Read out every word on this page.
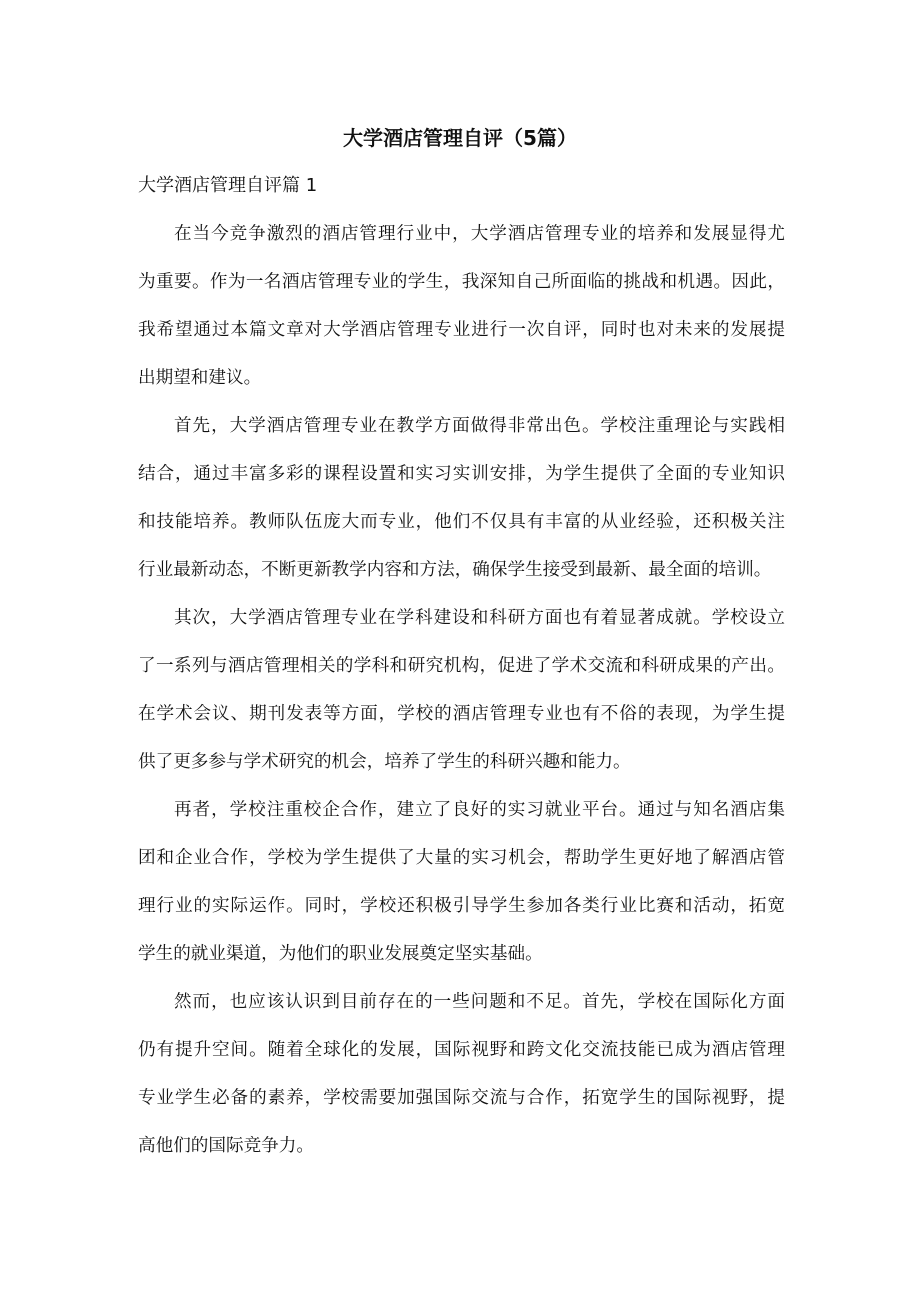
大学酒店管理自评（5篇）
大学酒店管理自评篇 1
在当今竞争激烈的酒店管理行业中，大学酒店管理专业的培养和发展显得尤
为重要。作为一名酒店管理专业的学生，我深知自己所面临的挑战和机遇。因此，
我希望通过本篇文章对大学酒店管理专业进行一次自评，同时也对未来的发展提
出期望和建议。
首先，大学酒店管理专业在教学方面做得非常出色。学校注重理论与实践相
结合，通过丰富多彩的课程设置和实习实训安排，为学生提供了全面的专业知识
和技能培养。教师队伍庞大而专业，他们不仅具有丰富的从业经验，还积极关注
行业最新动态，不断更新教学内容和方法，确保学生接受到最新、最全面的培训。
其次，大学酒店管理专业在学科建设和科研方面也有着显著成就。学校设立
了一系列与酒店管理相关的学科和研究机构，促进了学术交流和科研成果的产出。
在学术会议、期刊发表等方面，学校的酒店管理专业也有不俗的表现，为学生提
供了更多参与学术研究的机会，培养了学生的科研兴趣和能力。
再者，学校注重校企合作，建立了良好的实习就业平台。通过与知名酒店集
团和企业合作，学校为学生提供了大量的实习机会，帮助学生更好地了解酒店管
理行业的实际运作。同时，学校还积极引导学生参加各类行业比赛和活动，拓宽
学生的就业渠道，为他们的职业发展奠定坚实基础。
然而，也应该认识到目前存在的一些问题和不足。首先，学校在国际化方面
仍有提升空间。随着全球化的发展，国际视野和跨文化交流技能已成为酒店管理
专业学生必备的素养，学校需要加强国际交流与合作，拓宽学生的国际视野，提
高他们的国际竞争力。
